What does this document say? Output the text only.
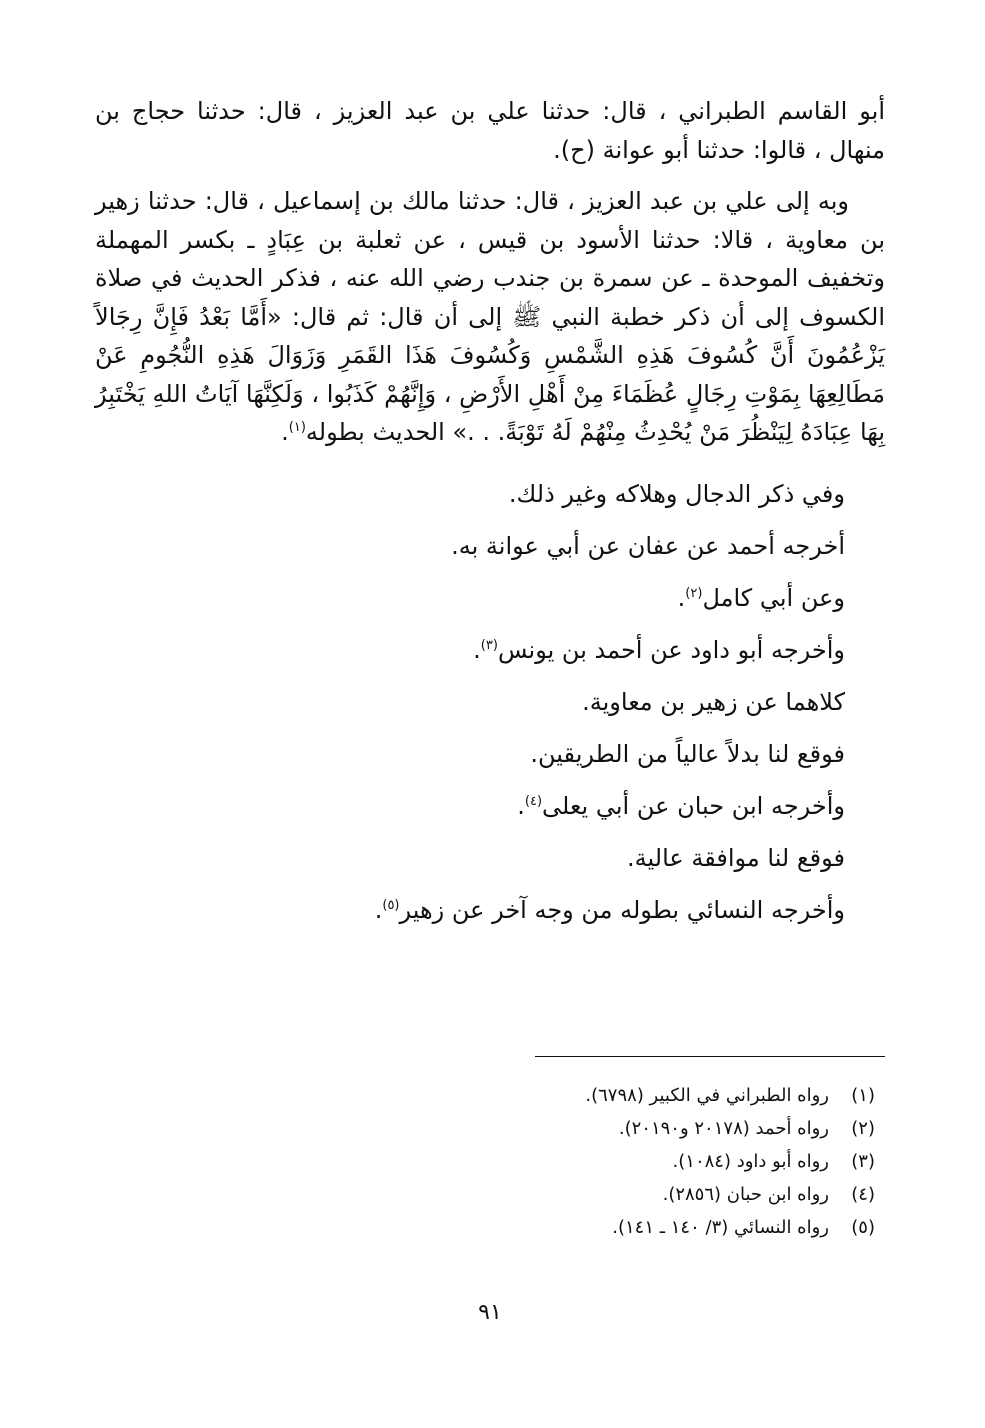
أبو القاسم الطبراني ، قال: حدثنا علي بن عبد العزيز ، قال: حدثنا حجاج بن منهال ، قالوا: حدثنا أبو عوانة (ح).

وبه إلى علي بن عبد العزيز ، قال: حدثنا مالك بن إسماعيل ، قال: حدثنا زهير بن معاوية ، قالا: حدثنا الأسود بن قيس ، عن ثعلبة بن عِبَادٍ ـ بكسر المهملة وتخفيف الموحدة ـ عن سمرة بن جندب رضي الله عنه ، فذكر الحديث في صلاة الكسوف إلى أن ذكر خطبة النبي ﷺ إلى أن قال: ثم قال: «أَمَّا بَعْدُ فَإِنَّ رِجَالاً يَزْعُمُونَ أَنَّ كُسُوفَ هَذِهِ الشَّمْسِ وَكُسُوفَ هَذَا القَمَرِ وَزَوَالَ هَذِهِ النُّجُومِ عَنْ مَطَالِعِهَا بِمَوْتِ رِجَالٍ عُظَمَاءَ مِنْ أَهْلِ الأَرْضِ ، وَإِنَّهُمْ كَذَبُوا ، وَلَكِنَّهَا آيَاتُ اللهِ يَخْتَبِرُ بِهَا عِبَادَهُ لِيَنْظُرَ مَنْ يُحْدِثُ مِنْهُمْ لَهُ تَوْبَةً. . .» الحديث بطوله$^{(١)}$.

وفي ذكر الدجال وهلاكه وغير ذلك.
أخرجه أحمد عن عفان عن أبي عوانة به.
وعن أبي كامل$^{(٢)}$.
وأخرجه أبو داود عن أحمد بن يونس$^{(٣)}$.
كلاهما عن زهير بن معاوية.
فوقع لنا بدلاً عالياً من الطريقين.
وأخرجه ابن حبان عن أبي يعلى$^{(٤)}$.
فوقع لنا موافقة عالية.
وأخرجه النسائي بطوله من وجه آخر عن زهير$^{(٥)}$.
(١)رواه الطبراني في الكبير (٦٧٩٨).
(٢)رواه أحمد (٢٠١٧٨ و٢٠١٩٠).
(٣)رواه أبو داود (١٠٨٤).
(٤)رواه ابن حبان (٢٨٥٦).
(٥)رواه النسائي (٣/ ١٤٠ ـ ١٤١).
٩١
